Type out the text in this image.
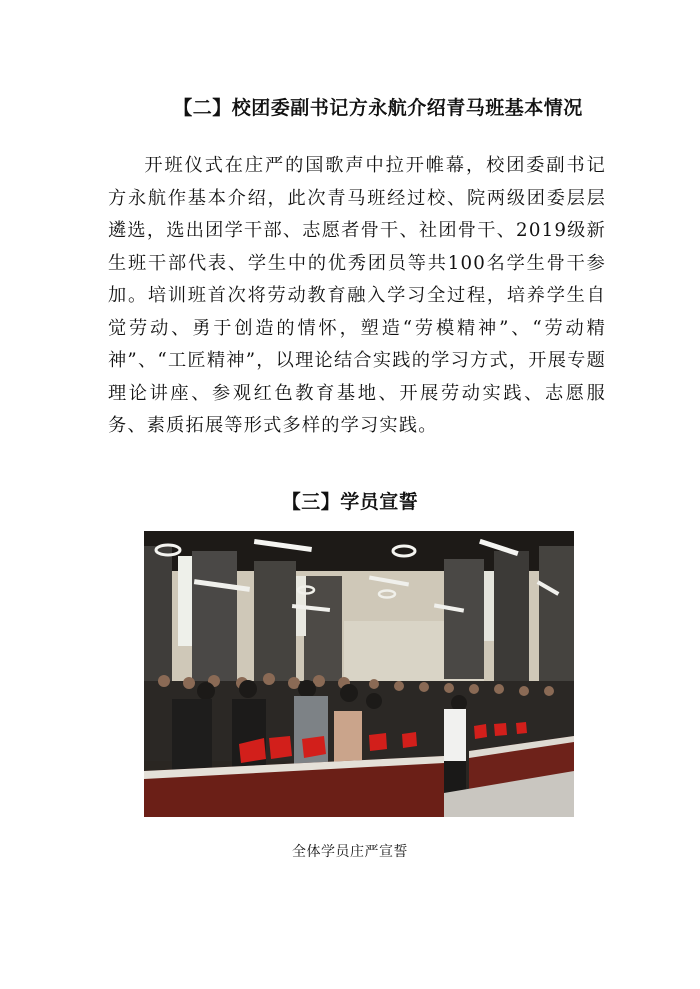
【二】校团委副书记方永航介绍青马班基本情况

开班仪式在庄严的国歌声中拉开帷幕，校团委副书记方永航作基本介绍，此次青马班经过校、院两级团委层层遴选，选出团学干部、志愿者骨干、社团骨干、2019级新生班干部代表、学生中的优秀团员等共100名学生骨干参加。培训班首次将劳动教育融入学习全过程，培养学生自觉劳动、勇于创造的情怀，塑造“劳模精神”、“劳动精神”、“工匠精神”，以理论结合实践的学习方式，开展专题理论讲座、参观红色教育基地、开展劳动实践、志愿服务、素质拓展等形式多样的学习实践。

【三】学员宣誓
全体学员庄严宣誓
